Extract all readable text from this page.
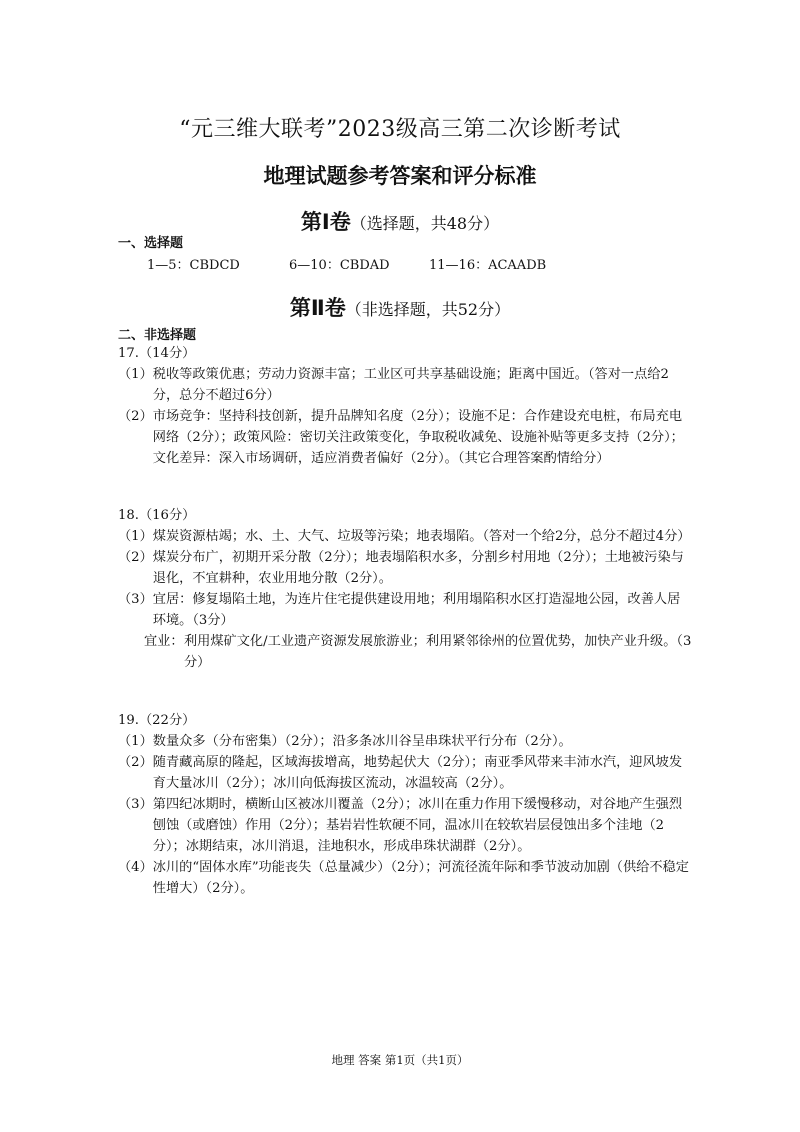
“元三维大联考”2023级高三第二次诊断考试
地理试题参考答案和评分标准
第Ⅰ卷（选择题，共48分）
一、选择题
1—5：CBDCD	6—10：CBDAD	11—16：ACAADB
第Ⅱ卷（非选择题，共52分）
二、非选择题

17.（14分）

（1） 税收等政策优惠；劳动力资源丰富；工业区可共享基础设施；距离中国近。（答对一点给2分，总分不超过6分）
（2） 市场竞争：坚持科技创新，提升品牌知名度（2分）；设施不足：合作建设充电桩，布局充电网络（2分）；政策风险：密切关注政策变化，争取税收减免、设施补贴等更多支持（2分）；文化差异：深入市场调研，适应消费者偏好（2分）。（其它合理答案酌情给分）

18.（16分）

（1） 煤炭资源枯竭；水、土、大气、垃圾等污染；地表塌陷。（答对一个给2分，总分不超过4分）
（2） 煤炭分布广，初期开采分散（2分）；地表塌陷积水多，分割乡村用地（2分）；土地被污染与退化，不宜耕种，农业用地分散（2分）。
（3） 宜居：修复塌陷土地，为连片住宅提供建设用地；利用塌陷积水区打造湿地公园，改善人居环境。（3分）
宜业： 利用煤矿文化/工业遗产资源发展旅游业；利用紧邻徐州的位置优势，加快产业升级。（3分）

19.（22分）

（1） 数量众多（分布密集）（2分）；沿多条冰川谷呈串珠状平行分布（2分）。
（2） 随青藏高原的隆起，区域海拔增高，地势起伏大（2分）；南亚季风带来丰沛水汽，迎风坡发育大量冰川（2分）；冰川向低海拔区流动，冰温较高（2分）。
（3） 第四纪冰期时，横断山区被冰川覆盖（2分）；冰川在重力作用下缓慢移动，对谷地产生强烈刨蚀（或磨蚀）作用（2分）；基岩岩性软硬不同，温冰川在较软岩层侵蚀出多个洼地（2分）；冰期结束，冰川消退，洼地积水，形成串珠状湖群（2分）。
（4） 冰川的“固体水库”功能丧失（总量减少）（2分）；河流径流年际和季节波动加剧（供给不稳定性增大）（2分）。
地理 答案 第1页（共1页）
